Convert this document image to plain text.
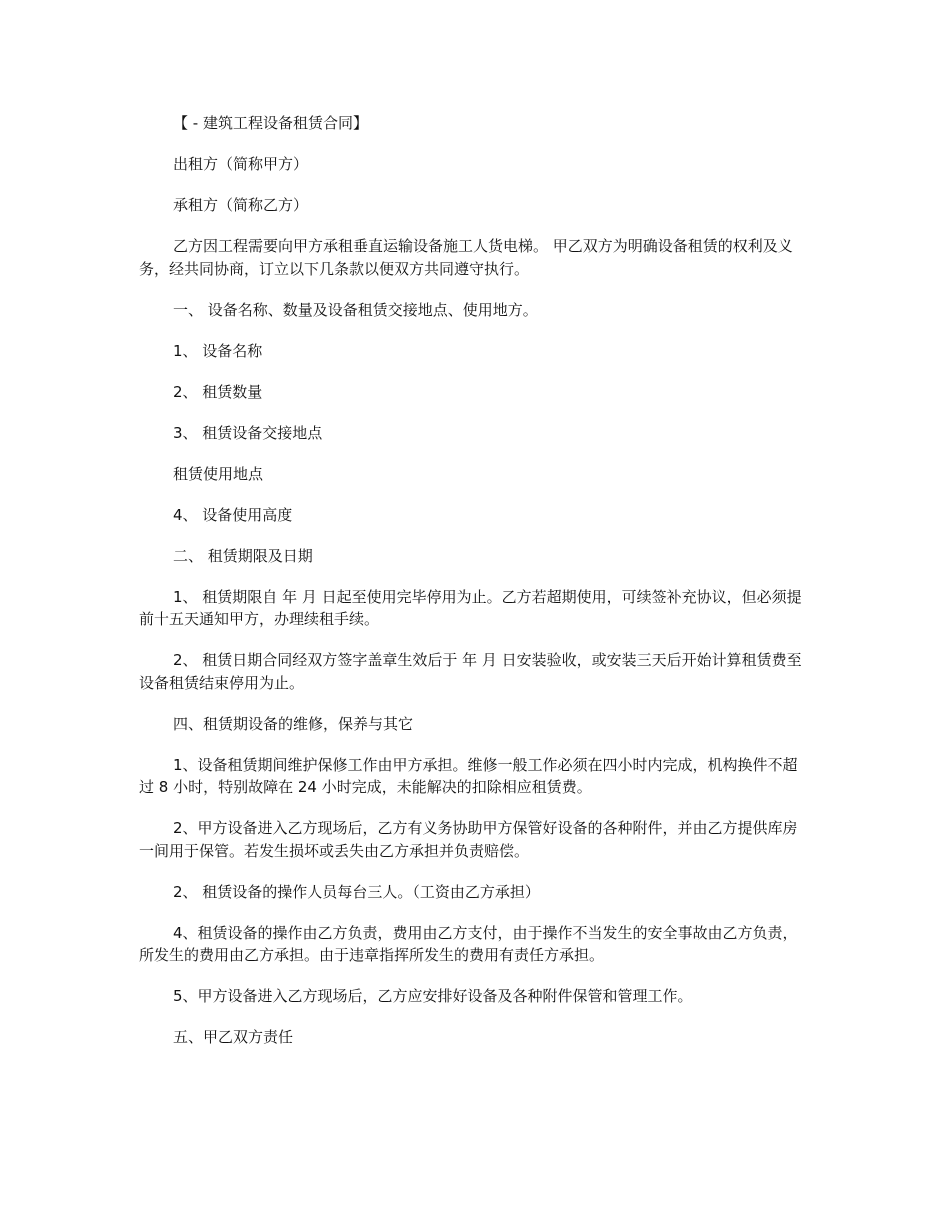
【 - 建筑工程设备租赁合同】

出租方（简称甲方）

承租方（简称乙方）

乙方因工程需要向甲方承租垂直运输设备施工人货电梯。 甲乙双方为明确设备租赁的权利及义务，经共同协商，订立以下几条款以便双方共同遵守执行。

一、 设备名称、数量及设备租赁交接地点、使用地方。

1、 设备名称

2、 租赁数量

3、 租赁设备交接地点

租赁使用地点

4、 设备使用高度

二、 租赁期限及日期

1、 租赁期限自 年 月 日起至使用完毕停用为止。乙方若超期使用，可续签补充协议，但必须提前十五天通知甲方，办理续租手续。

2、 租赁日期合同经双方签字盖章生效后于 年 月 日安装验收，或安装三天后开始计算租赁费至设备租赁结束停用为止。

四、租赁期设备的维修，保养与其它

1、设备租赁期间维护保修工作由甲方承担。维修一般工作必须在四小时内完成，机构换件不超过 8 小时，特别故障在 24 小时完成，未能解决的扣除相应租赁费。

2、甲方设备进入乙方现场后，乙方有义务协助甲方保管好设备的各种附件，并由乙方提供库房一间用于保管。若发生损坏或丢失由乙方承担并负责赔偿。

2、 租赁设备的操作人员每台三人。（工资由乙方承担）

4、租赁设备的操作由乙方负责，费用由乙方支付，由于操作不当发生的安全事故由乙方负责，所发生的费用由乙方承担。由于违章指挥所发生的费用有责任方承担。

5、甲方设备进入乙方现场后，乙方应安排好设备及各种附件保管和管理工作。

五、甲乙双方责任
